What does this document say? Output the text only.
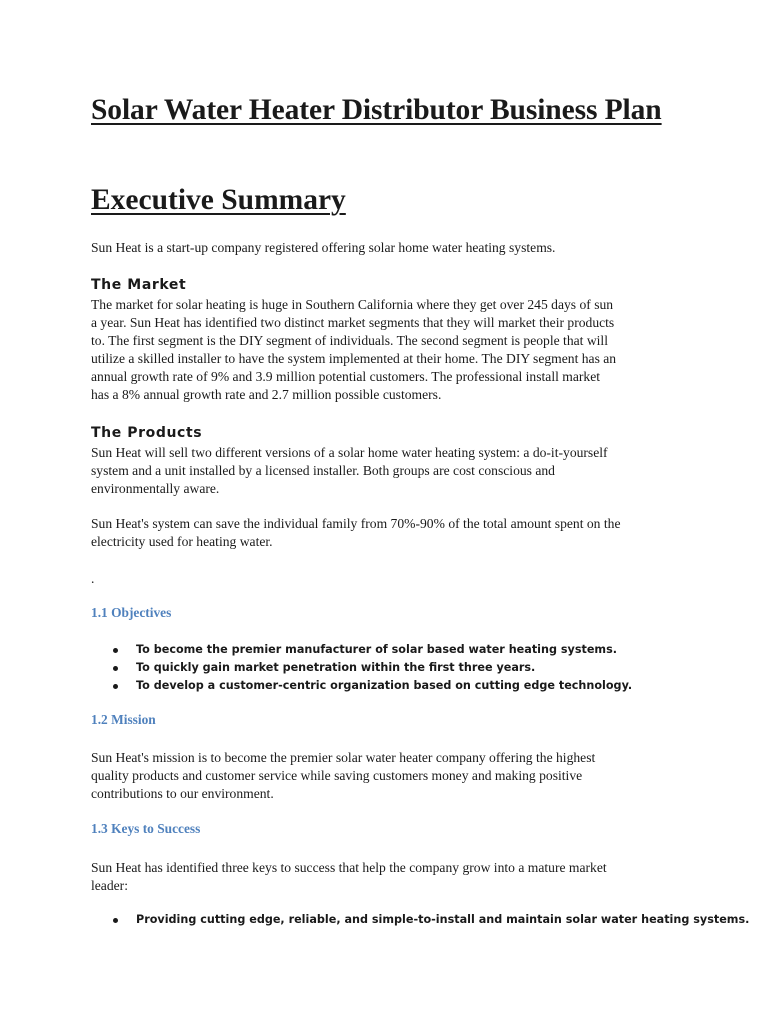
Solar Water Heater Distributor Business Plan
Executive Summary

Sun Heat is a start-up company registered offering solar home water heating systems.

The Market
The market for solar heating is huge in Southern California where they get over 245 days of sun
a year. Sun Heat has identified two distinct market segments that they will market their products
to. The first segment is the DIY segment of individuals. The second segment is people that will
utilize a skilled installer to have the system implemented at their home. The DIY segment has an
annual growth rate of 9% and 3.9 million potential customers. The professional install market
has a 8% annual growth rate and 2.7 million possible customers.
The Products
Sun Heat will sell two different versions of a solar home water heating system: a do-it-yourself
system and a unit installed by a licensed installer. Both groups are cost conscious and
environmentally aware.
Sun Heat's system can save the individual family from 70%-90% of the total amount spent on the
electricity used for heating water.

.

1.1 Objectives
To become the premier manufacturer of solar based water heating systems.
To quickly gain market penetration within the first three years.
To develop a customer-centric organization based on cutting edge technology.
1.2 Mission
Sun Heat's mission is to become the premier solar water heater company offering the highest
quality products and customer service while saving customers money and making positive
contributions to our environment.
1.3 Keys to Success
Sun Heat has identified three keys to success that help the company grow into a mature market
leader:
Providing cutting edge, reliable, and simple-to-install and maintain solar water heating systems.
